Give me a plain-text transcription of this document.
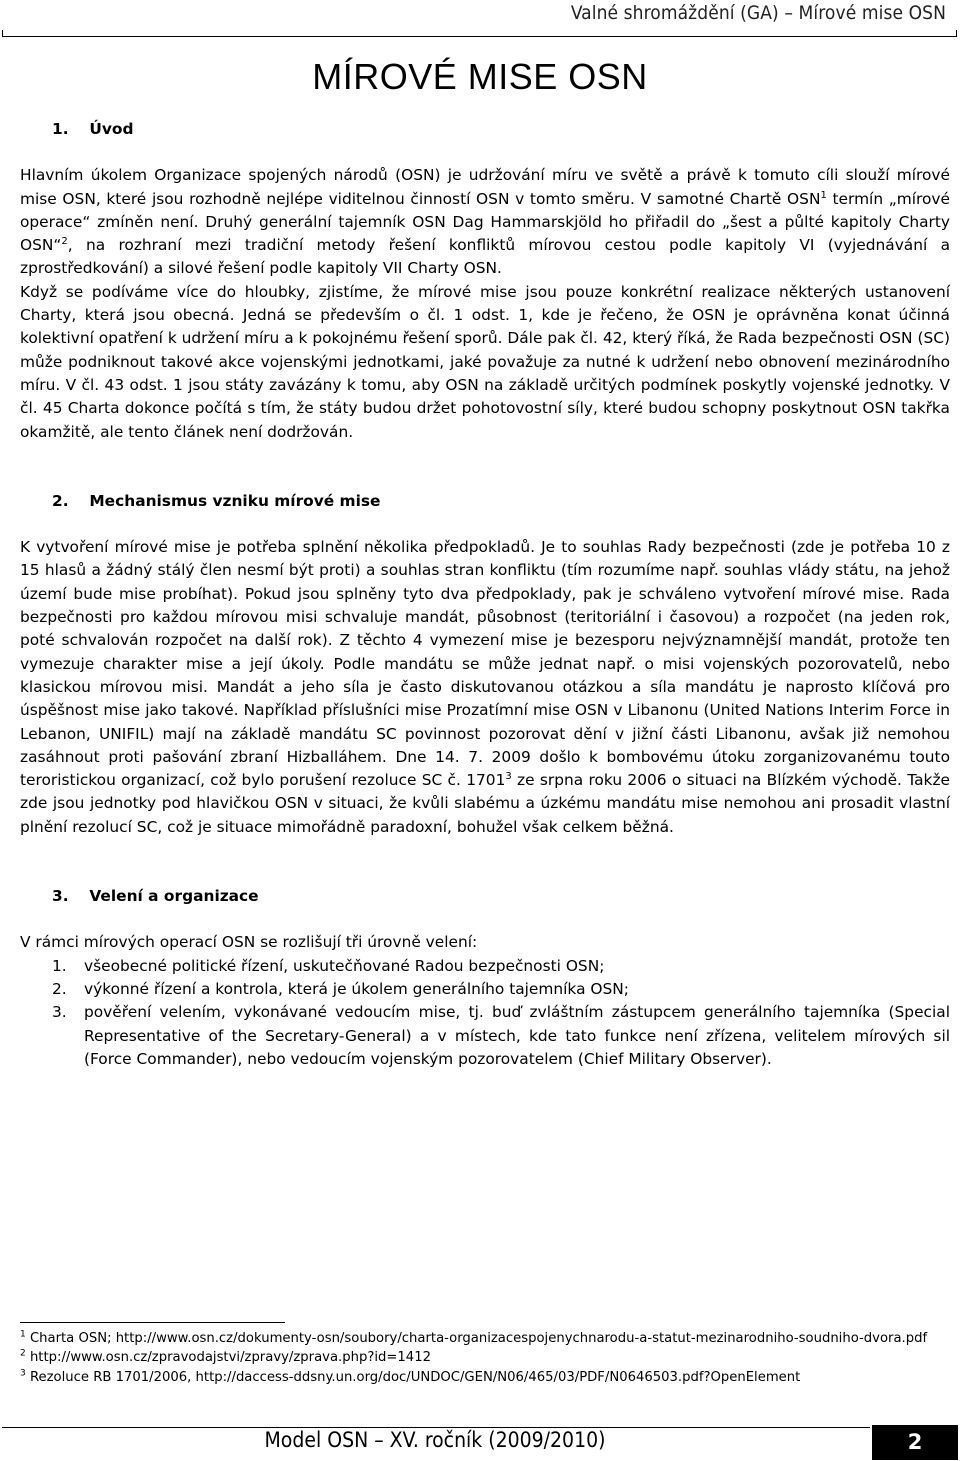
Valné shromáždění (GA) – Mírové mise OSN
MÍROVÉ MISE OSN
1. Úvod

Hlavním úkolem Organizace spojených národů (OSN) je udržování míru ve světě a právě k tomuto cíli slouží mírové mise OSN, které jsou rozhodně nejlépe viditelnou činností OSN v tomto směru. V samotné Chartě OSN$^1$ termín „mírové operace“ zmíněn není. Druhý generální tajemník OSN Dag Hammarskjöld ho přiřadil do „šest a půlté kapitoly Charty OSN“$^2$, na rozhraní mezi tradiční metody řešení konfliktů mírovou cestou podle kapitoly VI (vyjednávání a zprostředkování) a silové řešení podle kapitoly VII Charty OSN.

Když se podíváme více do hloubky, zjistíme, že mírové mise jsou pouze konkrétní realizace některých ustanovení Charty, která jsou obecná. Jedná se především o čl. 1 odst. 1, kde je řečeno, že OSN je oprávněna konat účinná kolektivní opatření k udržení míru a k pokojnému řešení sporů. Dále pak čl. 42, který říká, že Rada bezpečnosti OSN (SC) může podniknout takové akce vojenskými jednotkami, jaké považuje za nutné k udržení nebo obnovení mezinárodního míru. V čl. 43 odst. 1 jsou státy zavázány k tomu, aby OSN na základě určitých podmínek poskytly vojenské jednotky. V čl. 45 Charta dokonce počítá s tím, že státy budou držet pohotovostní síly, které budou schopny poskytnout OSN takřka okamžitě, ale tento článek není dodržován.

2. Mechanismus vzniku mírové mise

K vytvoření mírové mise je potřeba splnění několika předpokladů. Je to souhlas Rady bezpečnosti (zde je potřeba 10 z 15 hlasů a žádný stálý člen nesmí být proti) a souhlas stran konfliktu (tím rozumíme např. souhlas vlády státu, na jehož území bude mise probíhat). Pokud jsou splněny tyto dva předpoklady, pak je schváleno vytvoření mírové mise. Rada bezpečnosti pro každou mírovou misi schvaluje mandát, působnost (teritoriální i časovou) a rozpočet (na jeden rok, poté schvalován rozpočet na další rok). Z těchto 4 vymezení mise je bezesporu nejvýznamnější mandát, protože ten vymezuje charakter mise a její úkoly. Podle mandátu se může jednat např. o misi vojenských pozorovatelů, nebo klasickou mírovou misi. Mandát a jeho síla je často diskutovanou otázkou a síla mandátu je naprosto klíčová pro úspěšnost mise jako takové. Například příslušníci mise Prozatímní mise OSN v Libanonu (United Nations Interim Force in Lebanon, UNIFIL) mají na základě mandátu SC povinnost pozorovat dění v jižní části Libanonu, avšak již nemohou zasáhnout proti pašování zbraní Hizballáhem. Dne 14. 7. 2009 došlo k bombovému útoku zorganizovanému touto teroristickou organizací, což bylo porušení rezoluce SC č. 1701$^3$ ze srpna roku 2006 o situaci na Blízkém východě. Takže zde jsou jednotky pod hlavičkou OSN v situaci, že kvůli slabému a úzkému mandátu mise nemohou ani prosadit vlastní plnění rezolucí SC, což je situace mimořádně paradoxní, bohužel však celkem běžná.

3. Velení a organizace

V rámci mírových operací OSN se rozlišují tři úrovně velení:

1.	všeobecné politické řízení, uskutečňované Radou bezpečnosti OSN;
2.	výkonné řízení a kontrola, která je úkolem generálního tajemníka OSN;
3.	pověření velením, vykonávané vedoucím mise, tj. buď zvláštním zástupcem generálního tajemníka (Special Representative of the Secretary-General) a v místech, kde tato funkce není zřízena, velitelem mírových sil (Force Commander), nebo vedoucím vojenským pozorovatelem (Chief Military Observer).
$^1$ Charta OSN; http://www.osn.cz/dokumenty-osn/soubory/charta-organizacespojenychnarodu-a-statut-mezinarodniho-soudniho-dvora.pdf
$^2$ http://www.osn.cz/zpravodajstvi/zpravy/zprava.php?id=1412
$^3$ Rezoluce RB 1701/2006, http://daccess-ddsny.un.org/doc/UNDOC/GEN/N06/465/03/PDF/N0646503.pdf?OpenElement
Model OSN – XV. ročník (2009/2010)	2
